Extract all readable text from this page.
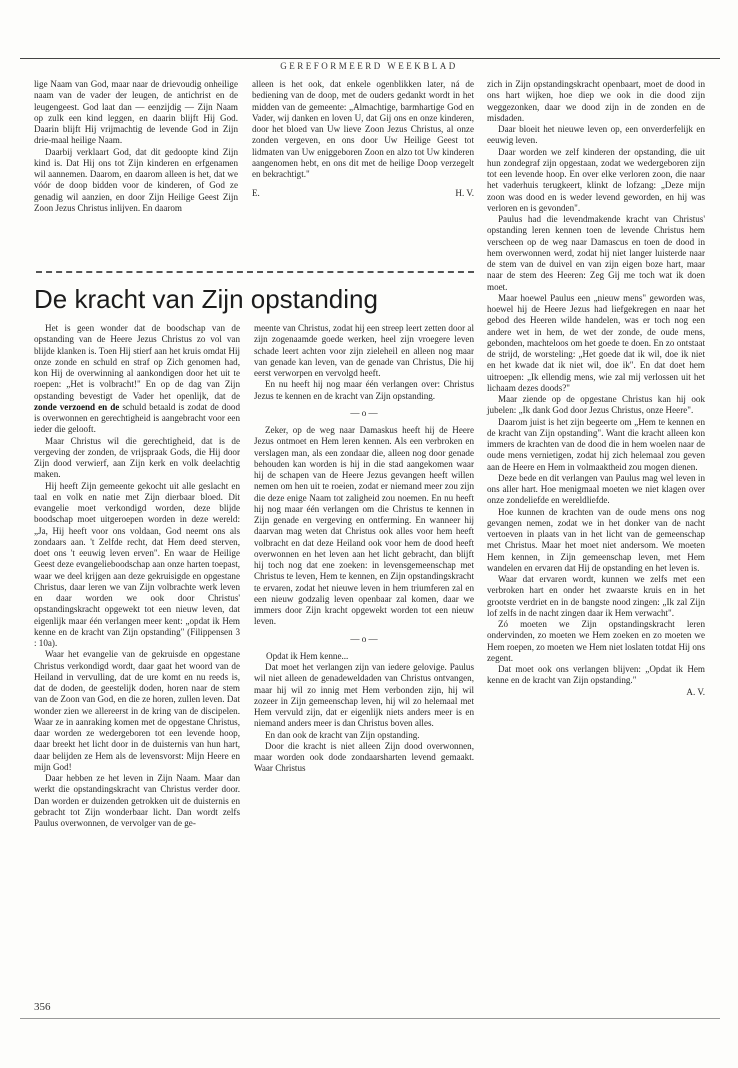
GEREFORMEERD WEEKBLAD

lige Naam van God, maar naar de drievoudig onheilige naam van de vader der leugen, de antichrist en de leugengeest. God laat dan — eenzijdig — Zijn Naam op zulk een kind leggen, en daarin blijft Hij God. Daarin blijft Hij vrijmachtig de levende God in Zijn drie-maal heilige Naam.

Daarbij verklaart God, dat dit gedoopte kind Zijn kind is. Dat Hij ons tot Zijn kinderen en erfgenamen wil aannemen. Daarom, en daarom alleen is het, dat we vóór de doop bidden voor de kinderen, of God ze genadig wil aanzien, en door Zijn Heilige Geest Zijn Zoon Jezus Christus inlijven. En daarom

alleen is het ook, dat enkele ogenblikken later, ná de bediening van de doop, met de ouders gedankt wordt in het midden van de gemeente: „Almachtige, barmhartige God en Vader, wij danken en loven U, dat Gij ons en onze kinderen, door het bloed van Uw lieve Zoon Jezus Christus, al onze zonden vergeven, en ons door Uw Heilige Geest tot lidmaten van Uw eniggeboren Zoon en alzo tot Uw kinderen aangenomen hebt, en ons dit met de heilige Doop verzegelt en bekrachtigt."

E.	H. V.

De kracht van Zijn opstanding

Het is geen wonder dat de boodschap van de opstanding van de Heere Jezus Christus zo vol van blijde klanken is. Toen Hij stierf aan het kruis omdat Hij onze zonde en schuld en straf op Zich genomen had, kon Hij de overwinning al aankondigen door het uit te roepen: „Het is volbracht!" En op de dag van Zijn opstanding bevestigt de Vader het openlijk, dat de zonde verzoend en de schuld betaald is zodat de dood is overwonnen en gerechtigheid is aangebracht voor een ieder die gelooft.

Maar Christus wil die gerechtigheid, dat is de vergeving der zonden, de vrijspraak Gods, die Hij door Zijn dood verwierf, aan Zijn kerk en volk deelachtig maken.

Hij heeft Zijn gemeente gekocht uit alle geslacht en taal en volk en natie met Zijn dierbaar bloed. Dit evangelie moet verkondigd worden, deze blijde boodschap moet uitgeroepen worden in deze wereld: „Ja, Hij heeft voor ons voldaan, God neemt ons als zondaars aan. 't Zelfde recht, dat Hem deed sterven, doet ons 't eeuwig leven erven". En waar de Heilige Geest deze evangelieboodschap aan onze harten toepast, waar we deel krijgen aan deze gekruisigde en opgestane Christus, daar leren we van Zijn volbrachte werk leven en daar worden we ook door Christus' opstandingskracht opgewekt tot een nieuw leven, dat eigenlijk maar één verlangen meer kent: „opdat ik Hem kenne en de kracht van Zijn opstanding" (Filippensen 3 : 10a).

Waar het evangelie van de gekruisde en opgestane Christus verkondigd wordt, daar gaat het woord van de Heiland in vervulling, dat de ure komt en nu reeds is, dat de doden, de geestelijk doden, horen naar de stem van de Zoon van God, en die ze horen, zullen leven. Dat wonder zien we allereerst in de kring van de discipelen. Waar ze in aanraking komen met de opgestane Christus, daar worden ze wedergeboren tot een levende hoop, daar breekt het licht door in de duisternis van hun hart, daar belijden ze Hem als de levensvorst: Mijn Heere en mijn God!

Daar hebben ze het leven in Zijn Naam. Maar dan werkt die opstandingskracht van Christus verder door. Dan worden er duizenden getrokken uit de duisternis en gebracht tot Zijn wonderbaar licht. Dan wordt zelfs Paulus overwonnen, de vervolger van de ge-

meente van Christus, zodat hij een streep leert zetten door al zijn zogenaamde goede werken, heel zijn vroegere leven schade leert achten voor zijn zieleheil en alleen nog maar van genade kan leven, van de genade van Christus, Die hij eerst verworpen en vervolgd heeft.

En nu heeft hij nog maar één verlangen over: Christus Jezus te kennen en de kracht van Zijn opstanding.

— o —

Zeker, op de weg naar Damaskus heeft hij de Heere Jezus ontmoet en Hem leren kennen. Als een verbroken en verslagen man, als een zondaar die, alleen nog door genade behouden kan worden is hij in die stad aangekomen waar hij de schapen van de Heere Jezus gevangen heeft willen nemen om hen uit te roeien, zodat er niemand meer zou zijn die deze enige Naam tot zaligheid zou noemen. En nu heeft hij nog maar één verlangen om die Christus te kennen in Zijn genade en vergeving en ontferming. En wanneer hij daarvan mag weten dat Christus ook alles voor hem heeft volbracht en dat deze Heiland ook voor hem de dood heeft overwonnen en het leven aan het licht gebracht, dan blijft hij toch nog dat ene zoeken: in levensgemeenschap met Christus te leven, Hem te kennen, en Zijn opstandingskracht te ervaren, zodat het nieuwe leven in hem triumferen zal en een nieuw godzalig leven openbaar zal komen, daar we immers door Zijn kracht opgewekt worden tot een nieuw leven.

— o —

Opdat ik Hem kenne...

Dat moet het verlangen zijn van iedere gelovige. Paulus wil niet alleen de genadeweldaden van Christus ontvangen, maar hij wil zo innig met Hem verbonden zijn, hij wil zozeer in Zijn gemeenschap leven, hij wil zo helemaal met Hem vervuld zijn, dat er eigenlijk niets anders meer is en niemand anders meer is dan Christus boven alles.

En dan ook de kracht van Zijn opstanding.

Door die kracht is niet alleen Zijn dood overwonnen, maar worden ook dode zondaarsharten levend gemaakt. Waar Christus

zich in Zijn opstandingskracht openbaart, moet de dood in ons hart wijken, hoe diep we ook in die dood zijn weggezonken, daar we dood zijn in de zonden en de misdaden.

Daar bloeit het nieuwe leven op, een onverderfelijk en eeuwig leven.

Daar worden we zelf kinderen der opstanding, die uit hun zondegraf zijn opgestaan, zodat we wedergeboren zijn tot een levende hoop. En over elke verloren zoon, die naar het vaderhuis terugkeert, klinkt de lofzang: „Deze mijn zoon was dood en is weder levend geworden, en hij was verloren en is gevonden".

Paulus had die levendmakende kracht van Christus' opstanding leren kennen toen de levende Christus hem verscheen op de weg naar Damascus en toen de dood in hem overwonnen werd, zodat hij niet langer luisterde naar de stem van de duivel en van zijn eigen boze hart, maar naar de stem des Heeren: Zeg Gij me toch wat ik doen moet.

Maar hoewel Paulus een „nieuw mens" geworden was, hoewel hij de Heere Jezus had liefgekregen en naar het gebod des Heeren wilde handelen, was er toch nog een andere wet in hem, de wet der zonde, de oude mens, gebonden, machteloos om het goede te doen. En zo ontstaat de strijd, de worsteling: „Het goede dat ik wil, doe ik niet en het kwade dat ik niet wil, doe ik". En dat doet hem uitroepen: „Ik ellendig mens, wie zal mij verlossen uit het lichaam dezes doods?"

Maar ziende op de opgestane Christus kan hij ook jubelen: „Ik dank God door Jezus Christus, onze Heere".

Daarom juist is het zijn begeerte om „Hem te kennen en de kracht van Zijn opstanding". Want die kracht alleen kon immers de krachten van de dood die in hem woelen naar de oude mens vernietigen, zodat hij zich helemaal zou geven aan de Heere en Hem in volmaaktheid zou mogen dienen.

Deze bede en dit verlangen van Paulus mag wel leven in ons aller hart. Hoe menigmaal moeten we niet klagen over onze zondeliefde en wereldliefde.

Hoe kunnen de krachten van de oude mens ons nog gevangen nemen, zodat we in het donker van de nacht vertoeven in plaats van in het licht van de gemeenschap met Christus. Maar het moet niet andersom. We moeten Hem kennen, in Zijn gemeenschap leven, met Hem wandelen en ervaren dat Hij de opstanding en het leven is.

Waar dat ervaren wordt, kunnen we zelfs met een verbroken hart en onder het zwaarste kruis en in het grootste verdriet en in de bangste nood zingen: „Ik zal Zijn lof zelfs in de nacht zingen daar ik Hem verwacht".

Zó moeten we Zijn opstandingskracht leren ondervinden, zo moeten we Hem zoeken en zo moeten we Hem roepen, zo moeten we Hem niet loslaten totdat Hij ons zegent.

Dat moet ook ons verlangen blijven: „Opdat ik Hem kenne en de kracht van Zijn opstanding."

A. V.

356
